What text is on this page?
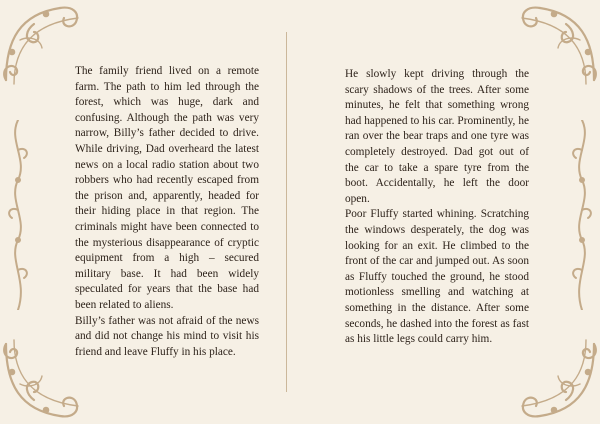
The family friend lived on a remote farm. The path to him led through the forest, which was huge, dark and confusing. Although the path was very narrow, Billy’s father decided to drive. While driving, Dad overheard the latest news on a local radio station about two robbers who had recently escaped from the prison and, apparently, headed for their hiding place in that region. The criminals might have been connected to the mysterious disappearance of cryptic equipment from a high – secured military base. It had been widely speculated for years that the base had been related to aliens.

Billy’s father was not afraid of the news and did not change his mind to visit his friend and leave Fluffy in his place.

He slowly kept driving through the scary shadows of the trees. After some minutes, he felt that something wrong had happened to his car. Prominently, he ran over the bear traps and one tyre was completely destroyed. Dad got out of the car to take a spare tyre from the boot. Accidentally, he left the door open.

Poor Fluffy started whining. Scratching the windows desperately, the dog was looking for an exit. He climbed to the front of the car and jumped out. As soon as Fluffy touched the ground, he stood motionless smelling and watching at something in the distance. After some seconds, he dashed into the forest as fast as his little legs could carry him.
